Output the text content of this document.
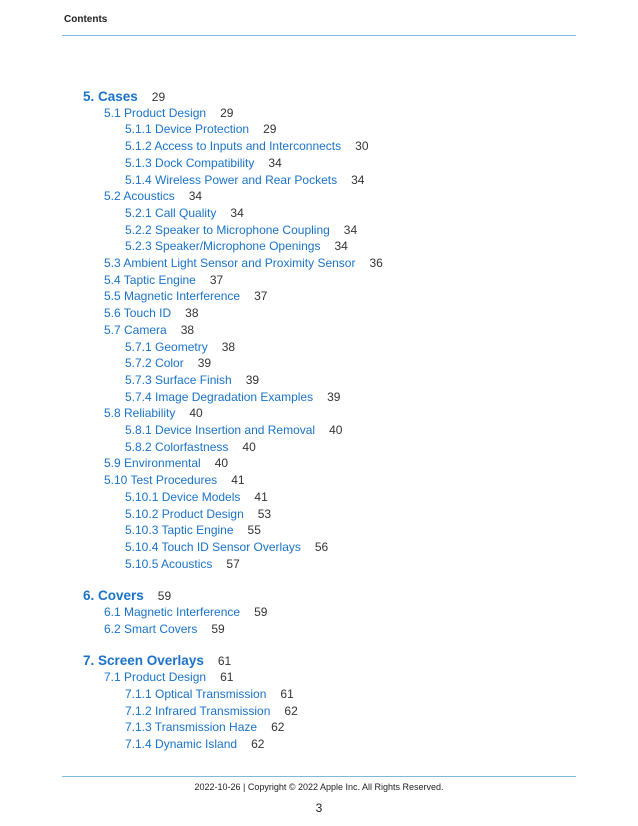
Contents
5. Cases 29
5.1 Product Design 29
5.1.1 Device Protection 29
5.1.2 Access to Inputs and Interconnects 30
5.1.3 Dock Compatibility 34
5.1.4 Wireless Power and Rear Pockets 34
5.2 Acoustics 34
5.2.1 Call Quality 34
5.2.2 Speaker to Microphone Coupling 34
5.2.3 Speaker/Microphone Openings 34
5.3 Ambient Light Sensor and Proximity Sensor 36
5.4 Taptic Engine 37
5.5 Magnetic Interference 37
5.6 Touch ID 38
5.7 Camera 38
5.7.1 Geometry 38
5.7.2 Color 39
5.7.3 Surface Finish 39
5.7.4 Image Degradation Examples 39
5.8 Reliability 40
5.8.1 Device Insertion and Removal 40
5.8.2 Colorfastness 40
5.9 Environmental 40
5.10 Test Procedures 41
5.10.1 Device Models 41
5.10.2 Product Design 53
5.10.3 Taptic Engine 55
5.10.4 Touch ID Sensor Overlays 56
5.10.5 Acoustics 57
6. Covers 59
6.1 Magnetic Interference 59
6.2 Smart Covers 59
7. Screen Overlays 61
7.1 Product Design 61
7.1.1 Optical Transmission 61
7.1.2 Infrared Transmission 62
7.1.3 Transmission Haze 62
7.1.4 Dynamic Island 62
2022-10-26 | Copyright © 2022 Apple Inc. All Rights Reserved.
3
